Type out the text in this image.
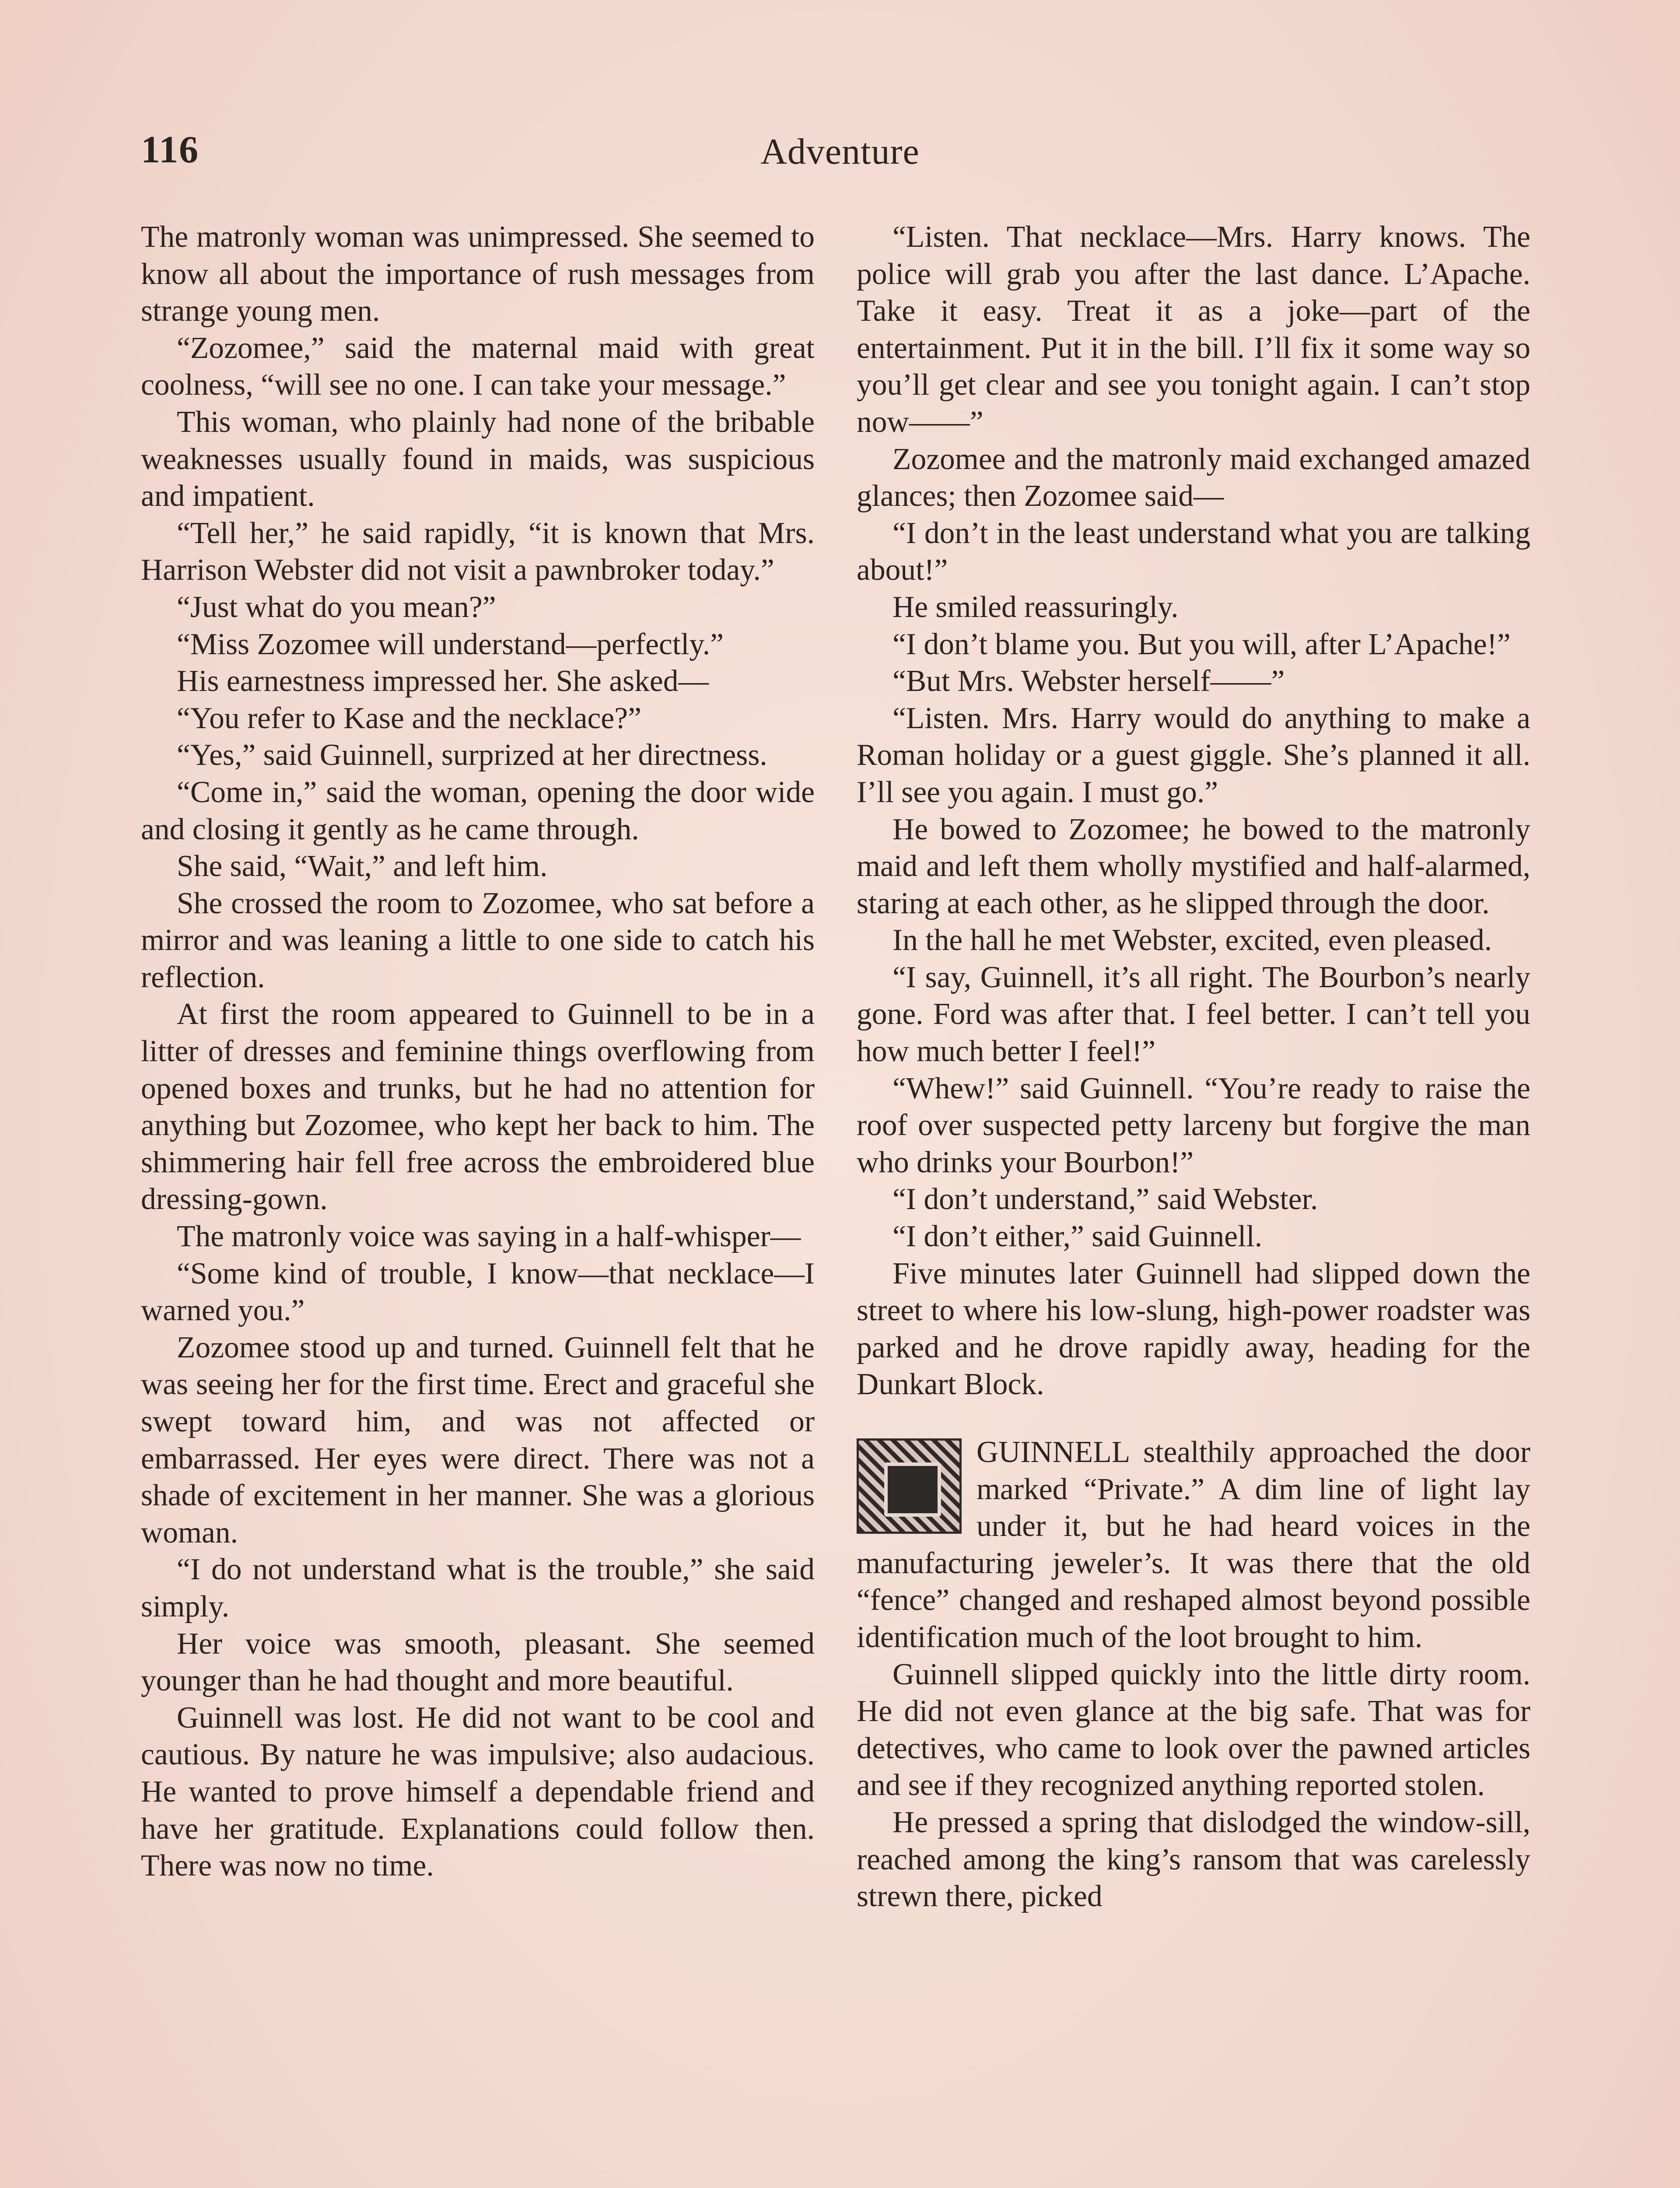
116	Adventure

The matronly woman was unimpressed. She seemed to know all about the importance of rush messages from strange young men.

“Zozomee,” said the maternal maid with great coolness, “will see no one. I can take your message.”

This woman, who plainly had none of the bribable weaknesses usually found in maids, was suspicious and impatient.

“Tell her,” he said rapidly, “it is known that Mrs. Harrison Webster did not visit a pawnbroker today.”

“Just what do you mean?”

“Miss Zozomee will understand—perfectly.”

His earnestness impressed her. She asked—

“You refer to Kase and the necklace?”

“Yes,” said Guinnell, surprized at her directness.

“Come in,” said the woman, opening the door wide and closing it gently as he came through.

She said, “Wait,” and left him.

She crossed the room to Zozomee, who sat before a mirror and was leaning a little to one side to catch his reflection.

At first the room appeared to Guinnell to be in a litter of dresses and feminine things overflowing from opened boxes and trunks, but he had no attention for anything but Zozomee, who kept her back to him. The shimmering hair fell free across the embroidered blue dressing-gown.

The matronly voice was saying in a half-whisper—

“Some kind of trouble, I know—that necklace—I warned you.”

Zozomee stood up and turned. Guinnell felt that he was seeing her for the first time. Erect and graceful she swept toward him, and was not affected or embarrassed. Her eyes were direct. There was not a shade of excitement in her manner. She was a glorious woman.

“I do not understand what is the trouble,” she said simply.

Her voice was smooth, pleasant. She seemed younger than he had thought and more beautiful.

Guinnell was lost. He did not want to be cool and cautious. By nature he was impulsive; also audacious. He wanted to prove himself a dependable friend and have her gratitude. Explanations could follow then. There was now no time.

“Listen. That necklace—Mrs. Harry knows. The police will grab you after the last dance. L’Apache. Take it easy. Treat it as a joke—part of the entertainment. Put it in the bill. I’ll fix it some way so you’ll get clear and see you tonight again. I can’t stop now——”

Zozomee and the matronly maid exchanged amazed glances; then Zozomee said—

“I don’t in the least understand what you are talking about!”

He smiled reassuringly.

“I don’t blame you. But you will, after L’Apache!”

“But Mrs. Webster herself——”

“Listen. Mrs. Harry would do anything to make a Roman holiday or a guest giggle. She’s planned it all. I’ll see you again. I must go.”

He bowed to Zozomee; he bowed to the matronly maid and left them wholly mystified and half-alarmed, staring at each other, as he slipped through the door.

In the hall he met Webster, excited, even pleased.

“I say, Guinnell, it’s all right. The Bourbon’s nearly gone. Ford was after that. I feel better. I can’t tell you how much better I feel!”

“Whew!” said Guinnell. “You’re ready to raise the roof over suspected petty larceny but forgive the man who drinks your Bourbon!”

“I don’t understand,” said Webster.

“I don’t either,” said Guinnell.

Five minutes later Guinnell had slipped down the street to where his low-slung, high-power roadster was parked and he drove rapidly away, heading for the Dunkart Block.

GUINNELL stealthily approached the door marked “Private.” A dim line of light lay under it, but he had heard voices in the manufacturing jeweler’s. It was there that the old “fence” changed and reshaped almost beyond possible identification much of the loot brought to him.

Guinnell slipped quickly into the little dirty room. He did not even glance at the big safe. That was for detectives, who came to look over the pawned articles and see if they recognized anything reported stolen.

He pressed a spring that dislodged the window-sill, reached among the king’s ransom that was carelessly strewn there, picked
